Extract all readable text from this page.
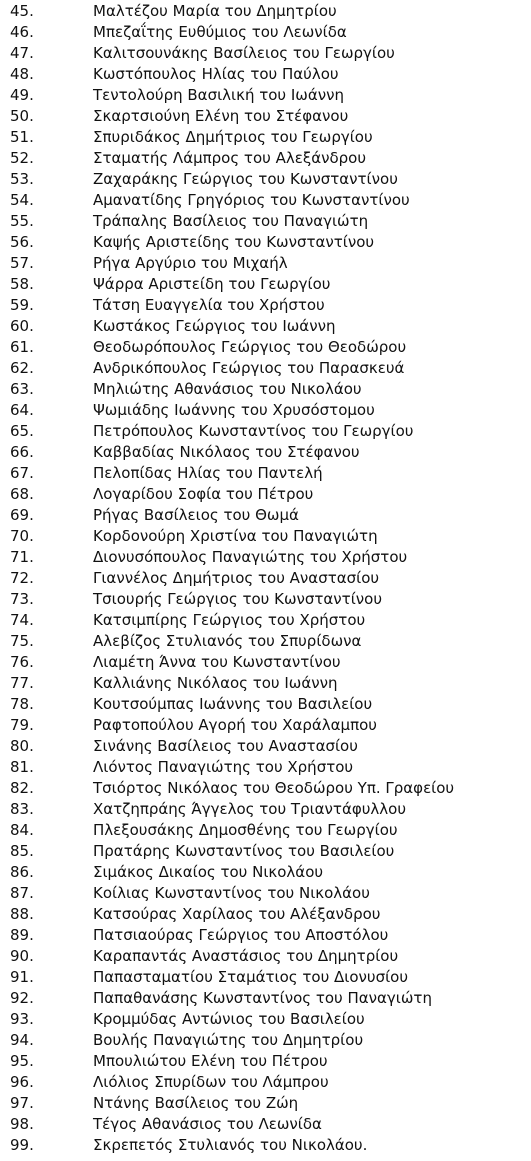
45.	Μαλτέζου Μαρία του Δημητρίου
46.	Μπεζαΐτης Ευθύμιος του Λεωνίδα
47.	Καλιτσουνάκης Βασίλειος του Γεωργίου
48.	Κωστόπουλος Ηλίας του Παύλου
49.	Τεντολούρη Βασιλική του Ιωάννη
50.	Σκαρτσιούνη Ελένη του Στέφανου
51.	Σπυριδάκος Δημήτριος του Γεωργίου
52.	Σταματής Λάμπρος του Αλεξάνδρου
53.	Ζαχαράκης Γεώργιος του Κωνσταντίνου
54.	Αμανατίδης Γρηγόριος του Κωνσταντίνου
55.	Τράπαλης Βασίλειος του Παναγιώτη
56.	Καψής Αριστείδης του Κωνσταντίνου
57.	Ρήγα Αργύριο του Μιχαήλ
58.	Ψάρρα Αριστείδη του Γεωργίου
59.	Τάτση Ευαγγελία του Χρήστου
60.	Κωστάκος Γεώργιος του Ιωάννη
61.	Θεοδωρόπουλος Γεώργιος του Θεοδώρου
62.	Ανδρικόπουλος Γεώργιος του Παρασκευά
63.	Μηλιώτης Αθανάσιος του Νικολάου
64.	Ψωμιάδης Ιωάννης του Χρυσόστομου
65.	Πετρόπουλος Κωνσταντίνος του Γεωργίου
66.	Καββαδίας Νικόλαος του Στέφανου
67.	Πελοπίδας Ηλίας του Παντελή
68.	Λογαρίδου Σοφία του Πέτρου
69.	Ρήγας Βασίλειος του Θωμά
70.	Κορδονούρη Χριστίνα του Παναγιώτη
71.	Διονυσόπουλος Παναγιώτης του Χρήστου
72.	Γιαννέλος Δημήτριος του Αναστασίου
73.	Τσιουρής Γεώργιος του Κωνσταντίνου
74.	Κατσιμπίρης Γεώργιος του Χρήστου
75.	Αλεβίζος Στυλιανός του Σπυρίδωνα
76.	Λιαμέτη Άννα του Κωνσταντίνου
77.	Καλλιάνης Νικόλαος του Ιωάννη
78.	Κουτσούμπας Ιωάννης του Βασιλείου
79.	Ραφτοπούλου Αγορή του Χαράλαμπου
80.	Σινάνης Βασίλειος του Αναστασίου
81.	Λιόντος Παναγιώτης του Χρήστου
82.	Τσιόρτος Νικόλαος του Θεοδώρου Υπ. Γραφείου
83.	Χατζηπράης Άγγελος του Τριαντάφυλλου
84.	Πλεξουσάκης Δημοσθένης του Γεωργίου
85.	Πρατάρης Κωνσταντίνος του Βασιλείου
86.	Σιμάκος Δικαίος του Νικολάου
87.	Κοίλιας Κωνσταντίνος του Νικολάου
88.	Κατσούρας Χαρίλαος του Αλέξανδρου
89.	Πατσιαούρας Γεώργιος του Αποστόλου
90.	Καραπαντάς Αναστάσιος του Δημητρίου
91.	Παπασταματίου Σταμάτιος του Διονυσίου
92.	Παπαθανάσης Κωνσταντίνος του Παναγιώτη
93.	Κρομμύδας Αντώνιος του Βασιλείου
94.	Βουλής Παναγιώτης του Δημητρίου
95.	Μπουλιώτου Ελένη του Πέτρου
96.	Λιόλιος Σπυρίδων του Λάμπρου
97.	Ντάνης Βασίλειος του Ζώη
98.	Τέγος Αθανάσιος του Λεωνίδα
99.	Σκρεπετός Στυλιανός του Νικολάου.
